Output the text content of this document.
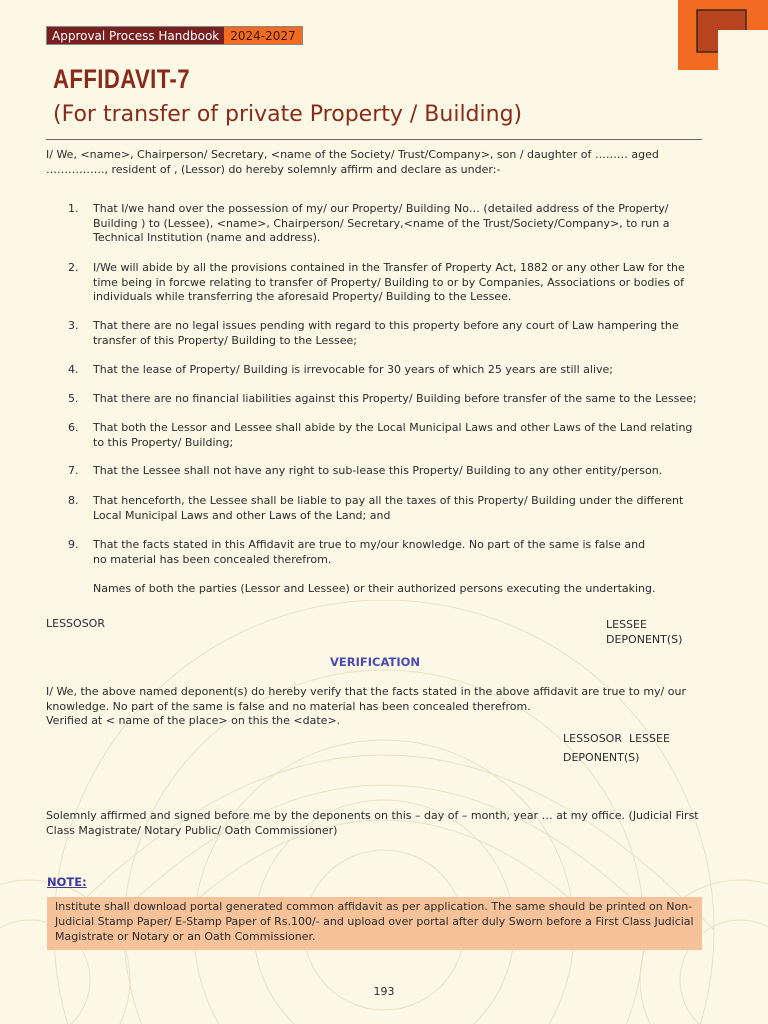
Approval Process Handbook 2024-2027
AFFIDAVIT-7
(For transfer of private Property / Building)

I/ We, <name>, Chairperson/ Secretary, <name of the Society/ Trust/Company>, son / daughter of ……… aged ……………., resident of , (Lessor) do hereby solemnly affirm and declare as under:-

1. That I/we hand over the possession of my/ our Property/ Building No… (detailed address of the Property/ Building ) to (Lessee), <name>, Chairperson/ Secretary,<name of the Trust/Society/Company>, to run a Technical Institution (name and address).
2. I/We will abide by all the provisions contained in the Transfer of Property Act, 1882 or any other Law for the time being in forcwe relating to transfer of Property/ Building to or by Companies, Associations or bodies of individuals while transferring the aforesaid Property/ Building to the Lessee.
3. That there are no legal issues pending with regard to this property before any court of Law hampering the transfer of this Property/ Building to the Lessee;
4. That the lease of Property/ Building is irrevocable for 30 years of which 25 years are still alive;
5. That there are no financial liabilities against this Property/ Building before transfer of the same to the Lessee;
6. That both the Lessor and Lessee shall abide by the Local Municipal Laws and other Laws of the Land relating to this Property/ Building;
7. That the Lessee shall not have any right to sub-lease this Property/ Building to any other entity/person.
8. That henceforth, the Lessee shall be liable to pay all the taxes of this Property/ Building under the different Local Municipal Laws and other Laws of the Land; and
9. That the facts stated in this Affidavit are true to my/our knowledge. No part of the same is false and no material has been concealed therefrom.

Names of both the parties (Lessor and Lessee) or their authorized persons executing the undertaking.

LESSOSOR	LESSEE
DEPONENT(S)
VERIFICATION
I/ We, the above named deponent(s) do hereby verify that the facts stated in the above affidavit are true to my/ our knowledge. No part of the same is false and no material has been concealed therefrom.
Verified at < name of the place> on this the <date>.
LESSOSOR  LESSEE
DEPONENT(S)

Solemnly affirmed and signed before me by the deponents on this – day of – month, year … at my office. (Judicial First Class Magistrate/ Notary Public/ Oath Commissioner)

NOTE:
Institute shall download portal generated common affidavit as per application. The same should be printed on Non-Judicial Stamp Paper/ E-Stamp Paper of Rs.100/- and upload over portal after duly Sworn before a First Class Judicial Magistrate or Notary or an Oath Commissioner.
193
